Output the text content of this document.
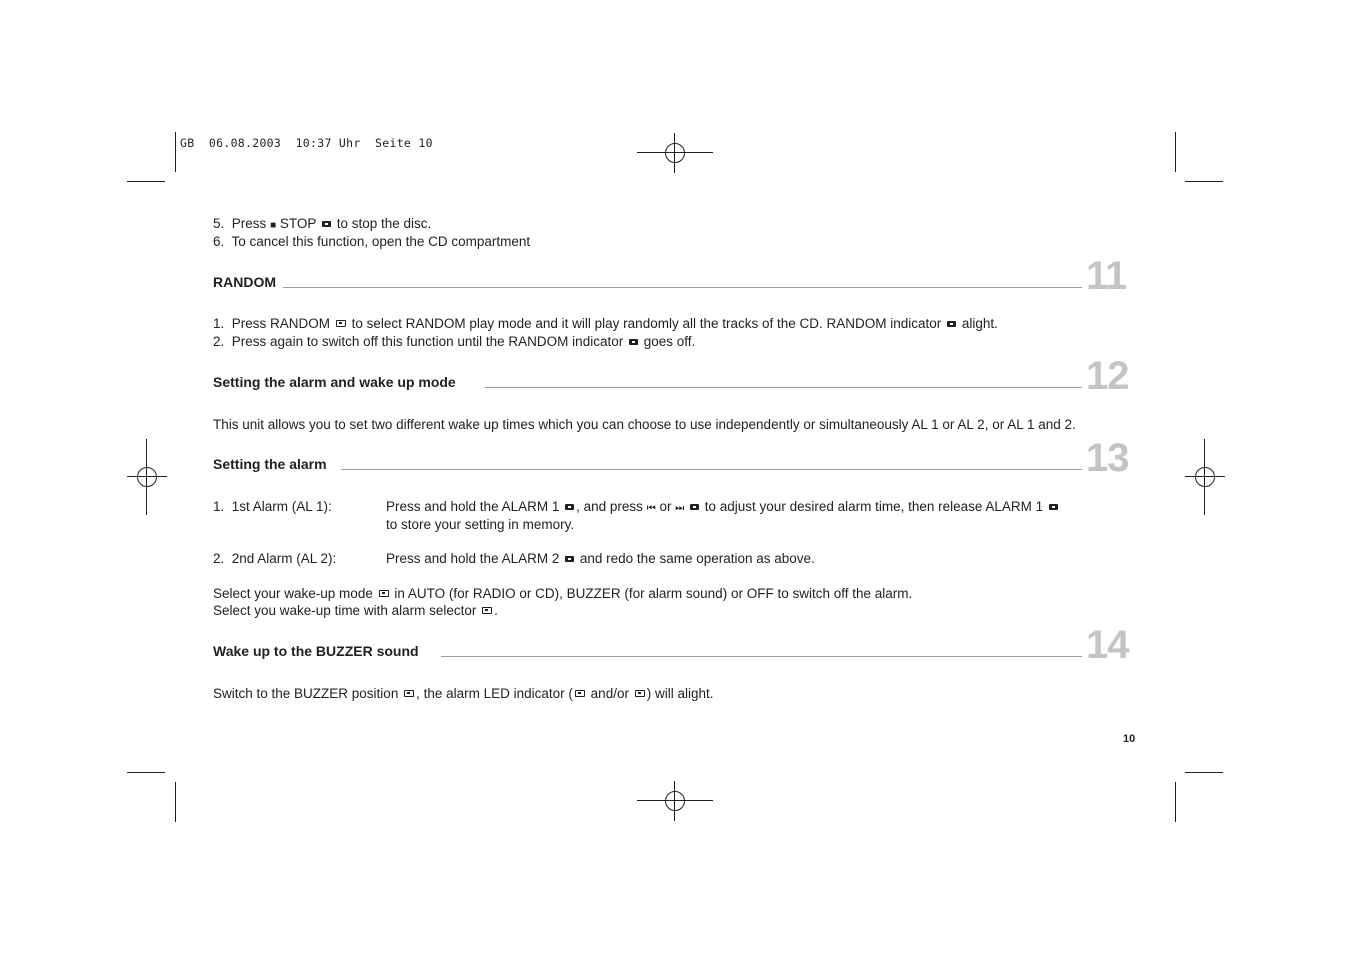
GB  06.08.2003  10:37 Uhr  Seite 10
5. Press ■ STOP to stop the disc.
6. To cancel this function, open the CD compartment
RANDOM	11
1. Press RANDOM to select RANDOM play mode and it will play randomly all the tracks of the CD. RANDOM indicator alight.
2. Press again to switch off this function until the RANDOM indicator goes off.
Setting the alarm and wake up mode	12
This unit allows you to set two different wake up times which you can choose to use independently or simultaneously AL 1 or AL 2, or AL 1 and 2.
Setting the alarm	13
1.  1st Alarm (AL 1):	Press and hold the ALARM 1 , and press ⏮ or ⏭ to adjust your desired alarm time, then release ALARM 1
to store your setting in memory.
2.  2nd Alarm (AL 2):	Press and hold the ALARM 2 and redo the same operation as above.
Select your wake-up mode in AUTO (for RADIO or CD), BUZZER (for alarm sound) or OFF to switch off the alarm.
Select you wake-up time with alarm selector .
Wake up to the BUZZER sound	14
Switch to the BUZZER position , the alarm LED indicator ( and/or ) will alight.
10
